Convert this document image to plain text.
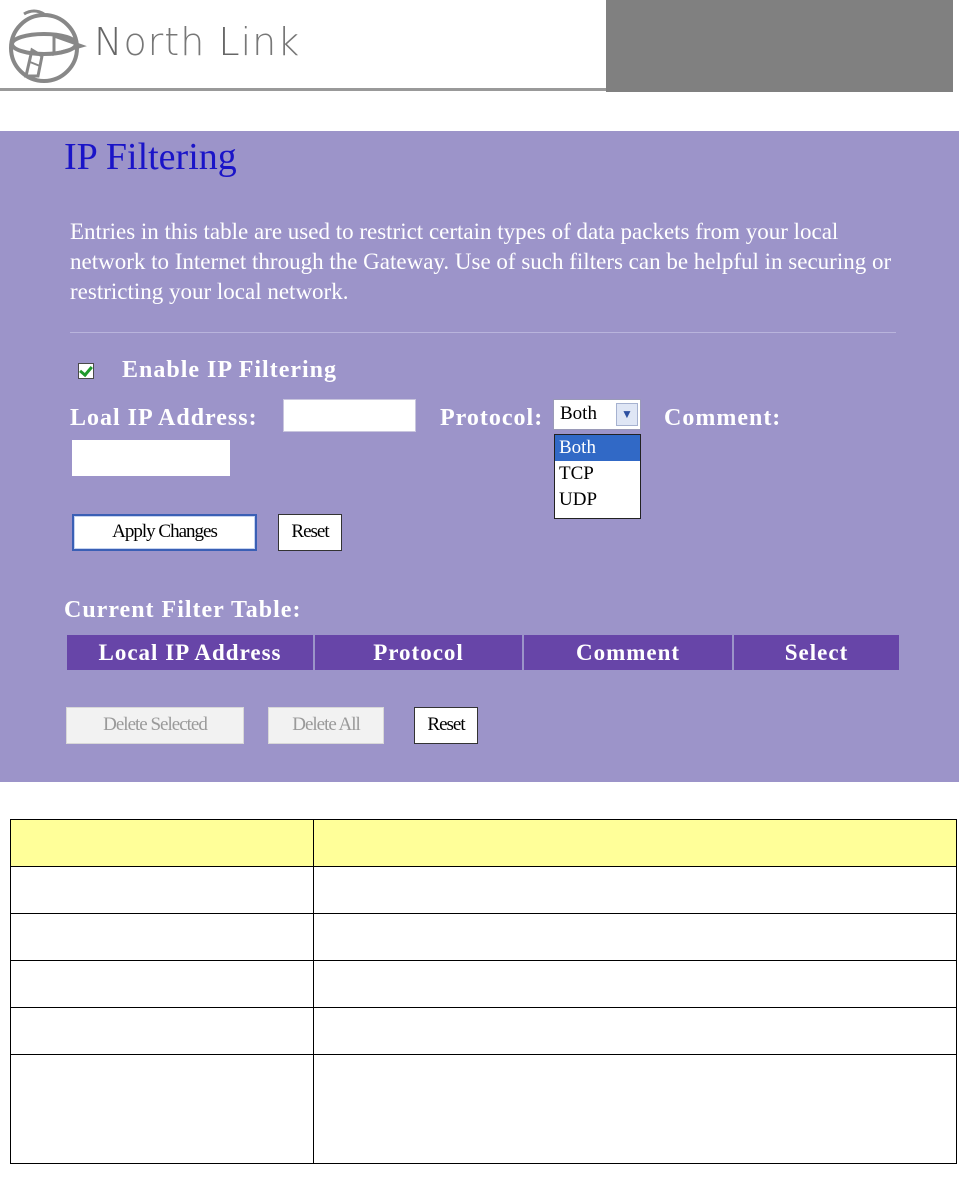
North Link
IP Filtering
Entries in this table are used to restrict certain types of data packets from your local network to Internet through the Gateway. Use of such filters can be helpful in securing or restricting your local network.
Enable IP Filtering
Loal IP Address:	Protocol: Both	▼
Both
TCP
UDP
Comment:
Apply Changes	Reset
Current Filter Table:
Local IP Address	Protocol	Comment	Select
Delete Selected	Delete All	Reset
